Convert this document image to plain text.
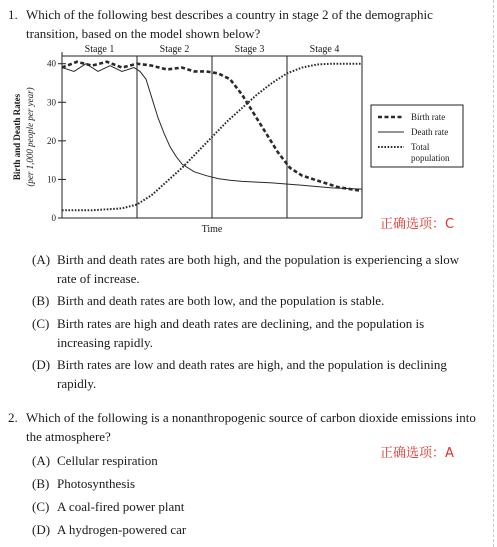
1. Which of the following best describes a country in stage 2 of the demographic transition, based on the model shown below?
Stage 1	Stage 2	Stage 3	Stage 4
0
10
20
30
40
Birth and Death Rates (per 1,000 people per year)
Time
Birth rate
Death rate
Total
population
正确选项：C
(A) Birth and death rates are both high, and the population is experiencing a slow rate of increase.
(B) Birth and death rates are both low, and the population is stable.
(C) Birth rates are high and death rates are declining, and the population is increasing rapidly.
(D) Birth rates are low and death rates are high, and the population is declining rapidly.
2. Which of the following is a nonanthropogenic source of carbon dioxide emissions into the atmosphere?
正确选项：A
(A) Cellular respiration
(B) Photosynthesis
(C) A coal-fired power plant
(D) A hydrogen-powered car
